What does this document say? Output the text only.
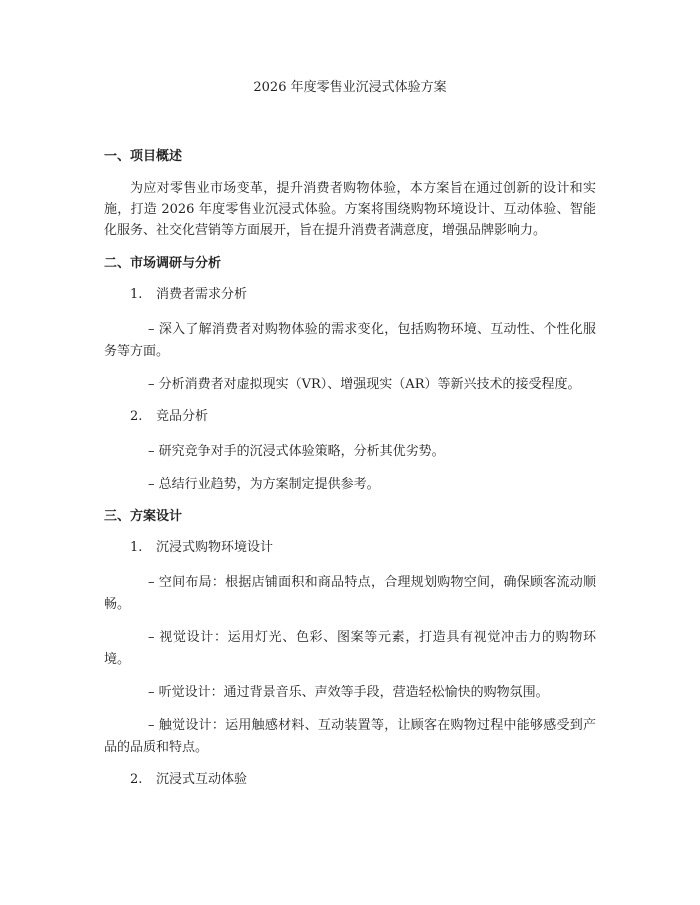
2026 年度零售业沉浸式体验方案
一、项目概述
为应对零售业市场变革，提升消费者购物体验，本方案旨在通过创新的设计和实施，打造 2026 年度零售业沉浸式体验。方案将围绕购物环境设计、互动体验、智能化服务、社交化营销等方面展开，旨在提升消费者满意度，增强品牌影响力。
二、市场调研与分析
1. 消费者需求分析
– 深入了解消费者对购物体验的需求变化，包括购物环境、互动性、个性化服务等方面。
– 分析消费者对虚拟现实（VR）、增强现实（AR）等新兴技术的接受程度。
2. 竞品分析
– 研究竞争对手的沉浸式体验策略，分析其优劣势。
– 总结行业趋势，为方案制定提供参考。
三、方案设计
1. 沉浸式购物环境设计
– 空间布局：根据店铺面积和商品特点，合理规划购物空间，确保顾客流动顺畅。
– 视觉设计：运用灯光、色彩、图案等元素，打造具有视觉冲击力的购物环境。
– 听觉设计：通过背景音乐、声效等手段，营造轻松愉快的购物氛围。
– 触觉设计：运用触感材料、互动装置等，让顾客在购物过程中能够感受到产品的品质和特点。
2. 沉浸式互动体验
